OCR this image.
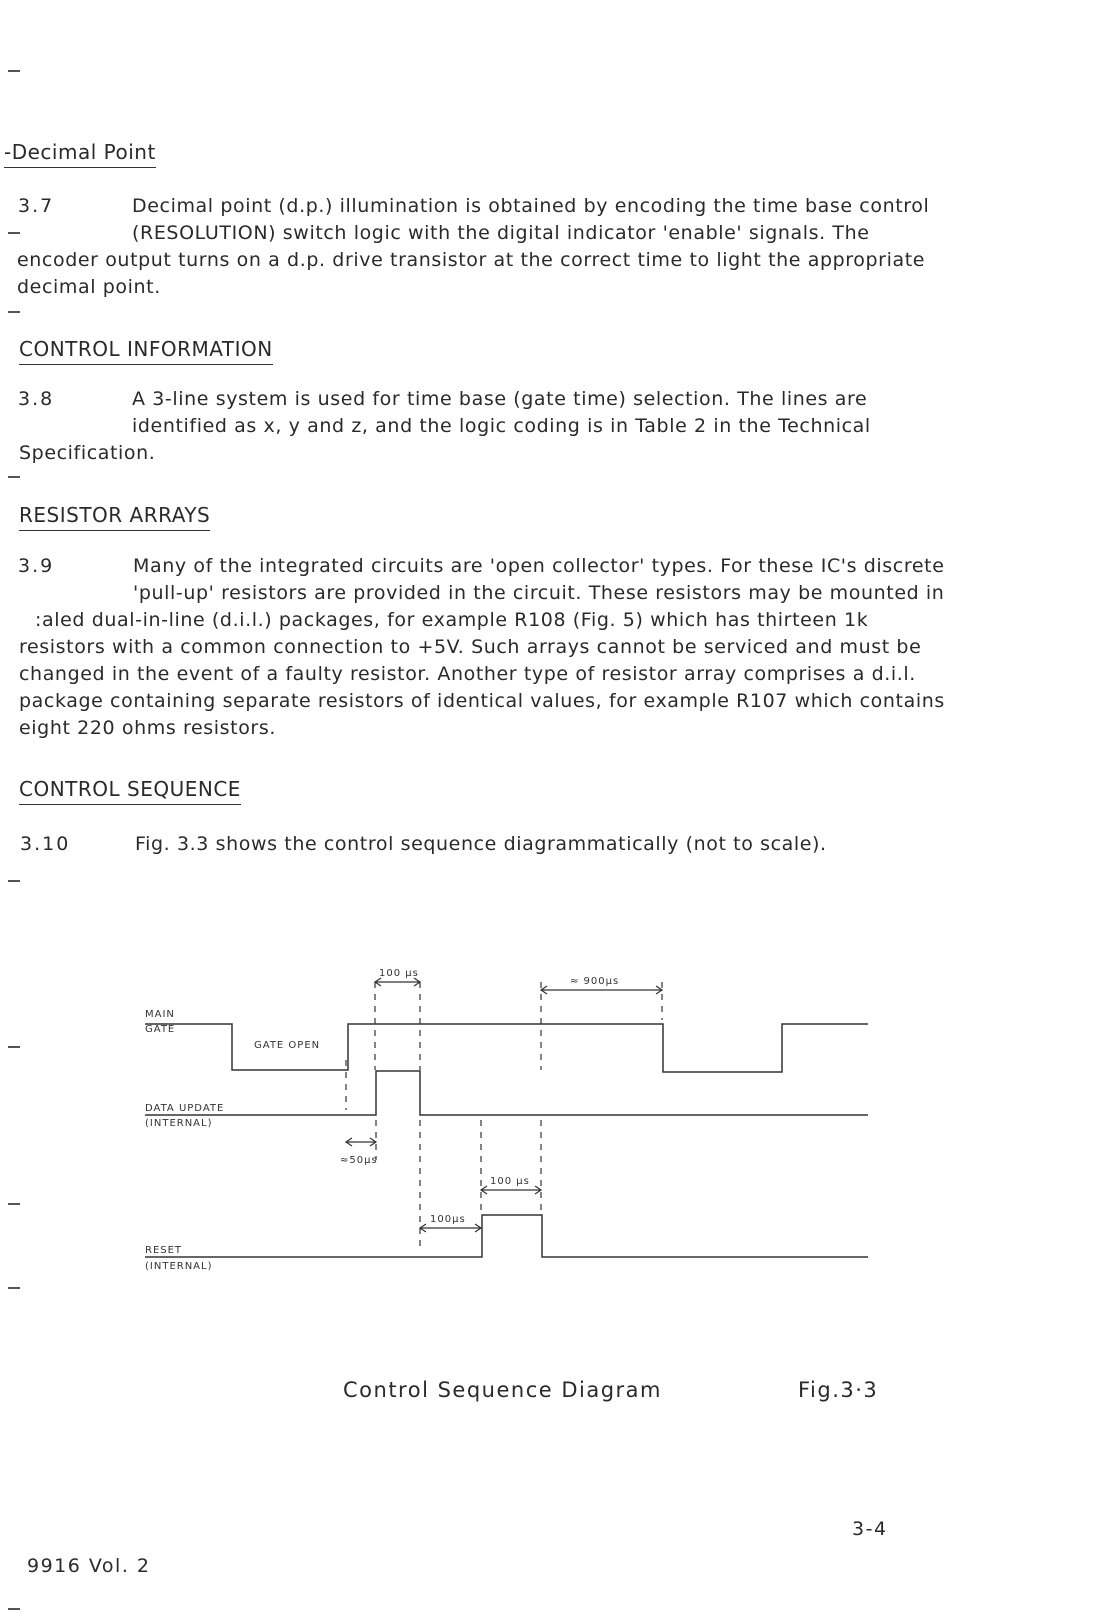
-Decimal Point
3.7	Decimal point (d.p.) illumination is obtained by encoding the time base control
(RESOLUTION) switch logic with the digital indicator 'enable' signals. The
encoder output turns on a d.p. drive transistor at the correct time to light the appropriate
decimal point.
CONTROL INFORMATION
3.8	A 3-line system is used for time base (gate time) selection. The lines are
identified as x, y and z, and the logic coding is in Table 2 in the Technical
Specification.
RESISTOR ARRAYS
3.9	Many of the integrated circuits are 'open collector' types. For these IC's discrete
'pull-up' resistors are provided in the circuit. These resistors may be mounted in
:aled dual-in-line (d.i.l.) packages, for example R108 (Fig. 5) which has thirteen 1k
resistors with a common connection to +5V. Such arrays cannot be serviced and must be
changed in the event of a faulty resistor. Another type of resistor array comprises a d.i.l.
package containing separate resistors of identical values, for example R107 which contains
eight 220 ohms resistors.
CONTROL SEQUENCE
3.10	Fig. 3.3 shows the control sequence diagrammatically (not to scale).
MAIN
GATE
GATE OPEN
DATA UPDATE
(INTERNAL)
RESET
(INTERNAL)
100 μs
≈ 900μs
≈50μs
100 μs
100μs
Control Sequence Diagram	Fig.3·3
3-4
9916 Vol. 2
